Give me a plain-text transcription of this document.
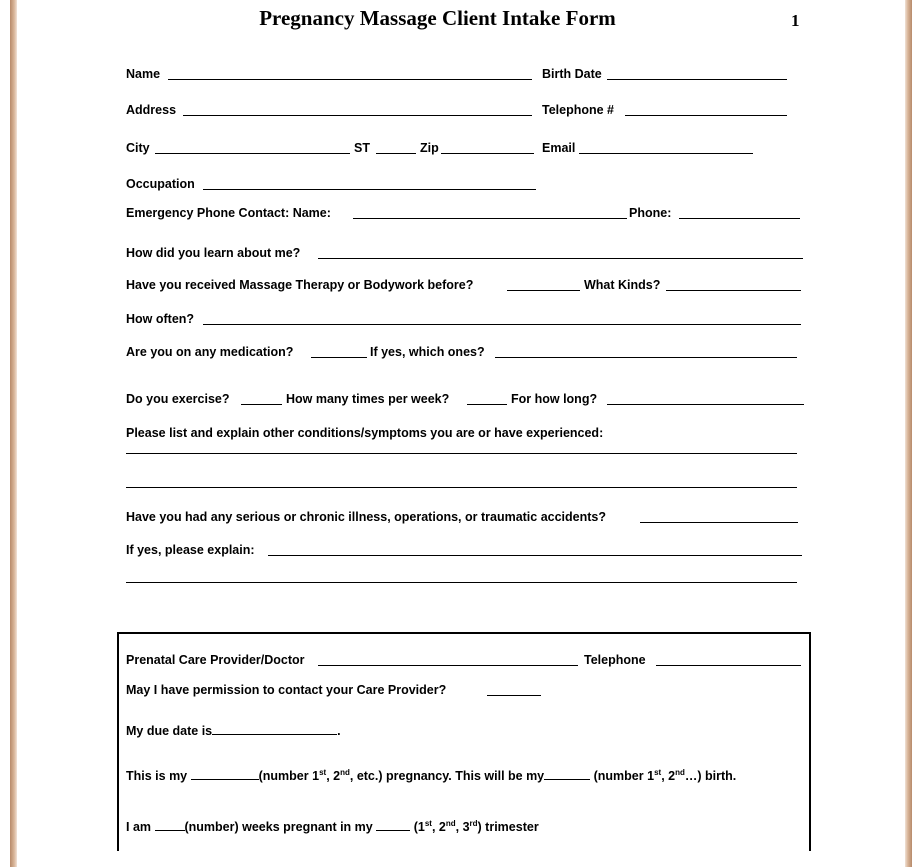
Pregnancy Massage Client Intake Form	1
Name	Birth Date
Address	Telephone #
City	ST	Zip	Email
Occupation
Emergency Phone Contact: Name:	Phone:
How did you learn about me?
Have you received Massage Therapy or Bodywork before?	What Kinds?
How often?
Are you on any medication?	If yes, which ones?
Do you exercise?	How many times per week?	For how long?
Please list and explain other conditions/symptoms you are or have experienced:
Have you had any serious or chronic illness, operations, or traumatic accidents?
If yes, please explain:
Prenatal Care Provider/Doctor	Telephone
May I have permission to contact your Care Provider?
My due date is	.
This is my	(number 1st, 2nd, etc.) pregnancy. This will be my	(number 1st, 2nd…) birth.
I am	(number) weeks pregnant in my	(1st, 2nd, 3rd) trimester
